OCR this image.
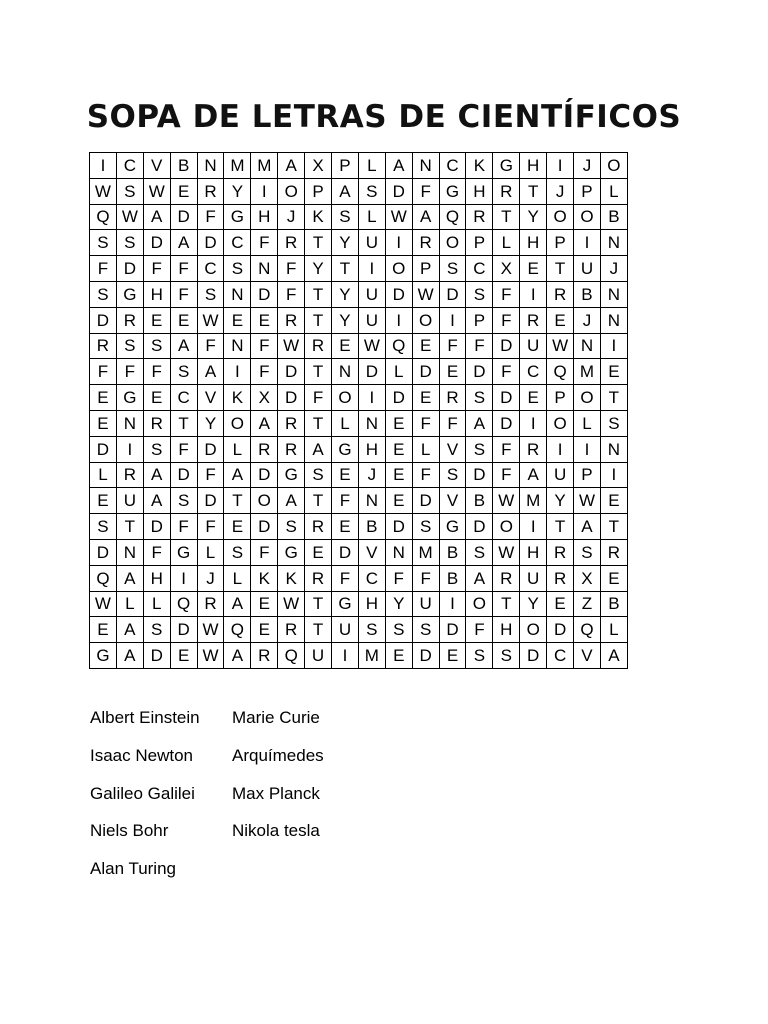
SOPA DE LETRAS DE CIENTÍFICOS
I	C	V	B	N	M	M	A	X	P	L	A	N	C	K	G	H	I	J	O
W	S	W	E	R	Y	I	O	P	A	S	D	F	G	H	R	T	J	P	L
Q	W	A	D	F	G	H	J	K	S	L	W	A	Q	R	T	Y	O	O	B
S	S	D	A	D	C	F	R	T	Y	U	I	R	O	P	L	H	P	I	N
F	D	F	F	C	S	N	F	Y	T	I	O	P	S	C	X	E	T	U	J
S	G	H	F	S	N	D	F	T	Y	U	D	W	D	S	F	I	R	B	N
D	R	E	E	W	E	E	R	T	Y	U	I	O	I	P	F	R	E	J	N
R	S	S	A	F	N	F	W	R	E	W	Q	E	F	F	D	U	W	N	I
F	F	F	S	A	I	F	D	T	N	D	L	D	E	D	F	C	Q	M	E
E	G	E	C	V	K	X	D	F	O	I	D	E	R	S	D	E	P	O	T
E	N	R	T	Y	O	A	R	T	L	N	E	F	F	A	D	I	O	L	S
D	I	S	F	D	L	R	R	A	G	H	E	L	V	S	F	R	I	I	N
L	R	A	D	F	A	D	G	S	E	J	E	F	S	D	F	A	U	P	I
E	U	A	S	D	T	O	A	T	F	N	E	D	V	B	W	M	Y	W	E
S	T	D	F	F	E	D	S	R	E	B	D	S	G	D	O	I	T	A	T
D	N	F	G	L	S	F	G	E	D	V	N	M	B	S	W	H	R	S	R
Q	A	H	I	J	L	K	K	R	F	C	F	F	B	A	R	U	R	X	E
W	L	L	Q	R	A	E	W	T	G	H	Y	U	I	O	T	Y	E	Z	B
E	A	S	D	W	Q	E	R	T	U	S	S	S	D	F	H	O	D	Q	L
G	A	D	E	W	A	R	Q	U	I	M	E	D	E	S	S	D	C	V	A
Albert Einstein Marie Curie
Isaac Newton Arquímedes
Galileo Galilei Max Planck
Niels Bohr	Nikola tesla
Alan Turing
